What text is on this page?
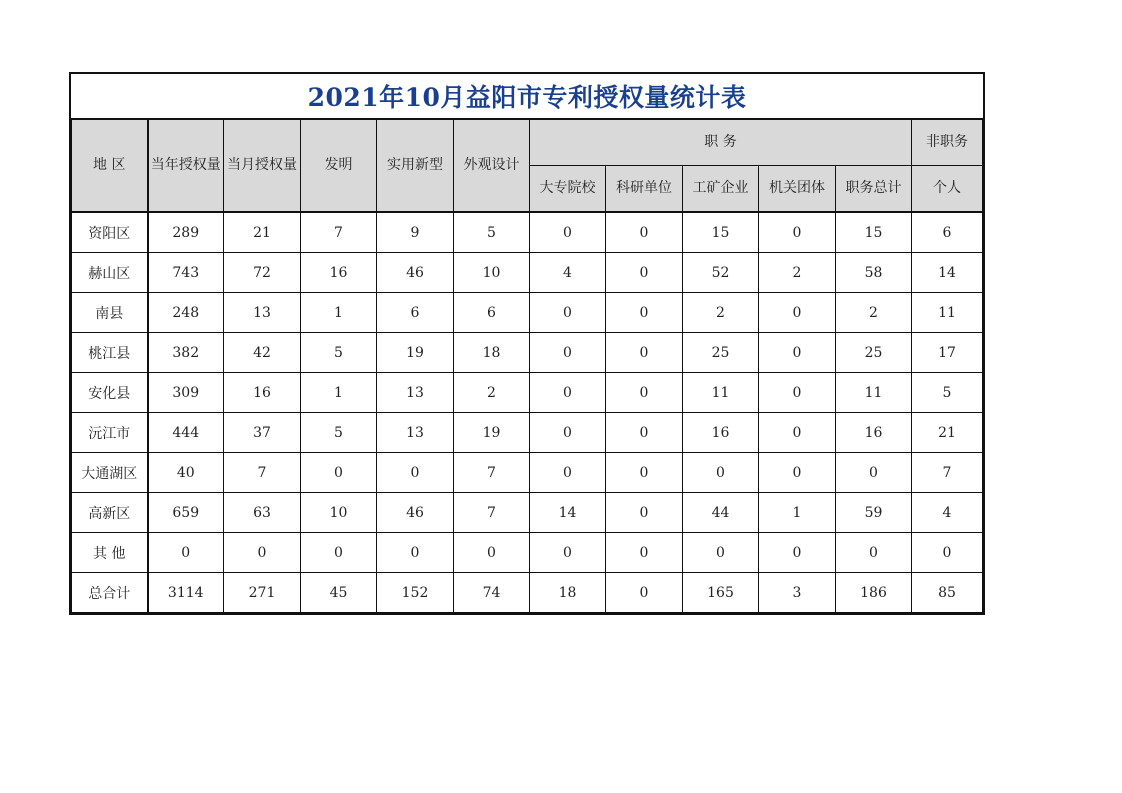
2021年10月益阳市专利授权量统计表
地 区	当年授权量	当月授权量	发明	实用新型	外观设计	职 务					非职务
						大专院校	科研单位	工矿企业	机关团体	职务总计	个人
资阳区	289	21	7	9	5	0	0	15	0	15	6
赫山区	743	72	16	46	10	4	0	52	2	58	14
南县	248	13	1	6	6	0	0	2	0	2	11
桃江县	382	42	5	19	18	0	0	25	0	25	17
安化县	309	16	1	13	2	0	0	11	0	11	5
沅江市	444	37	5	13	19	0	0	16	0	16	21
大通湖区	40	7	0	0	7	0	0	0	0	0	7
高新区	659	63	10	46	7	14	0	44	1	59	4
其 他	0	0	0	0	0	0	0	0	0	0	0
总合计	3114	271	45	152	74	18	0	165	3	186	85
